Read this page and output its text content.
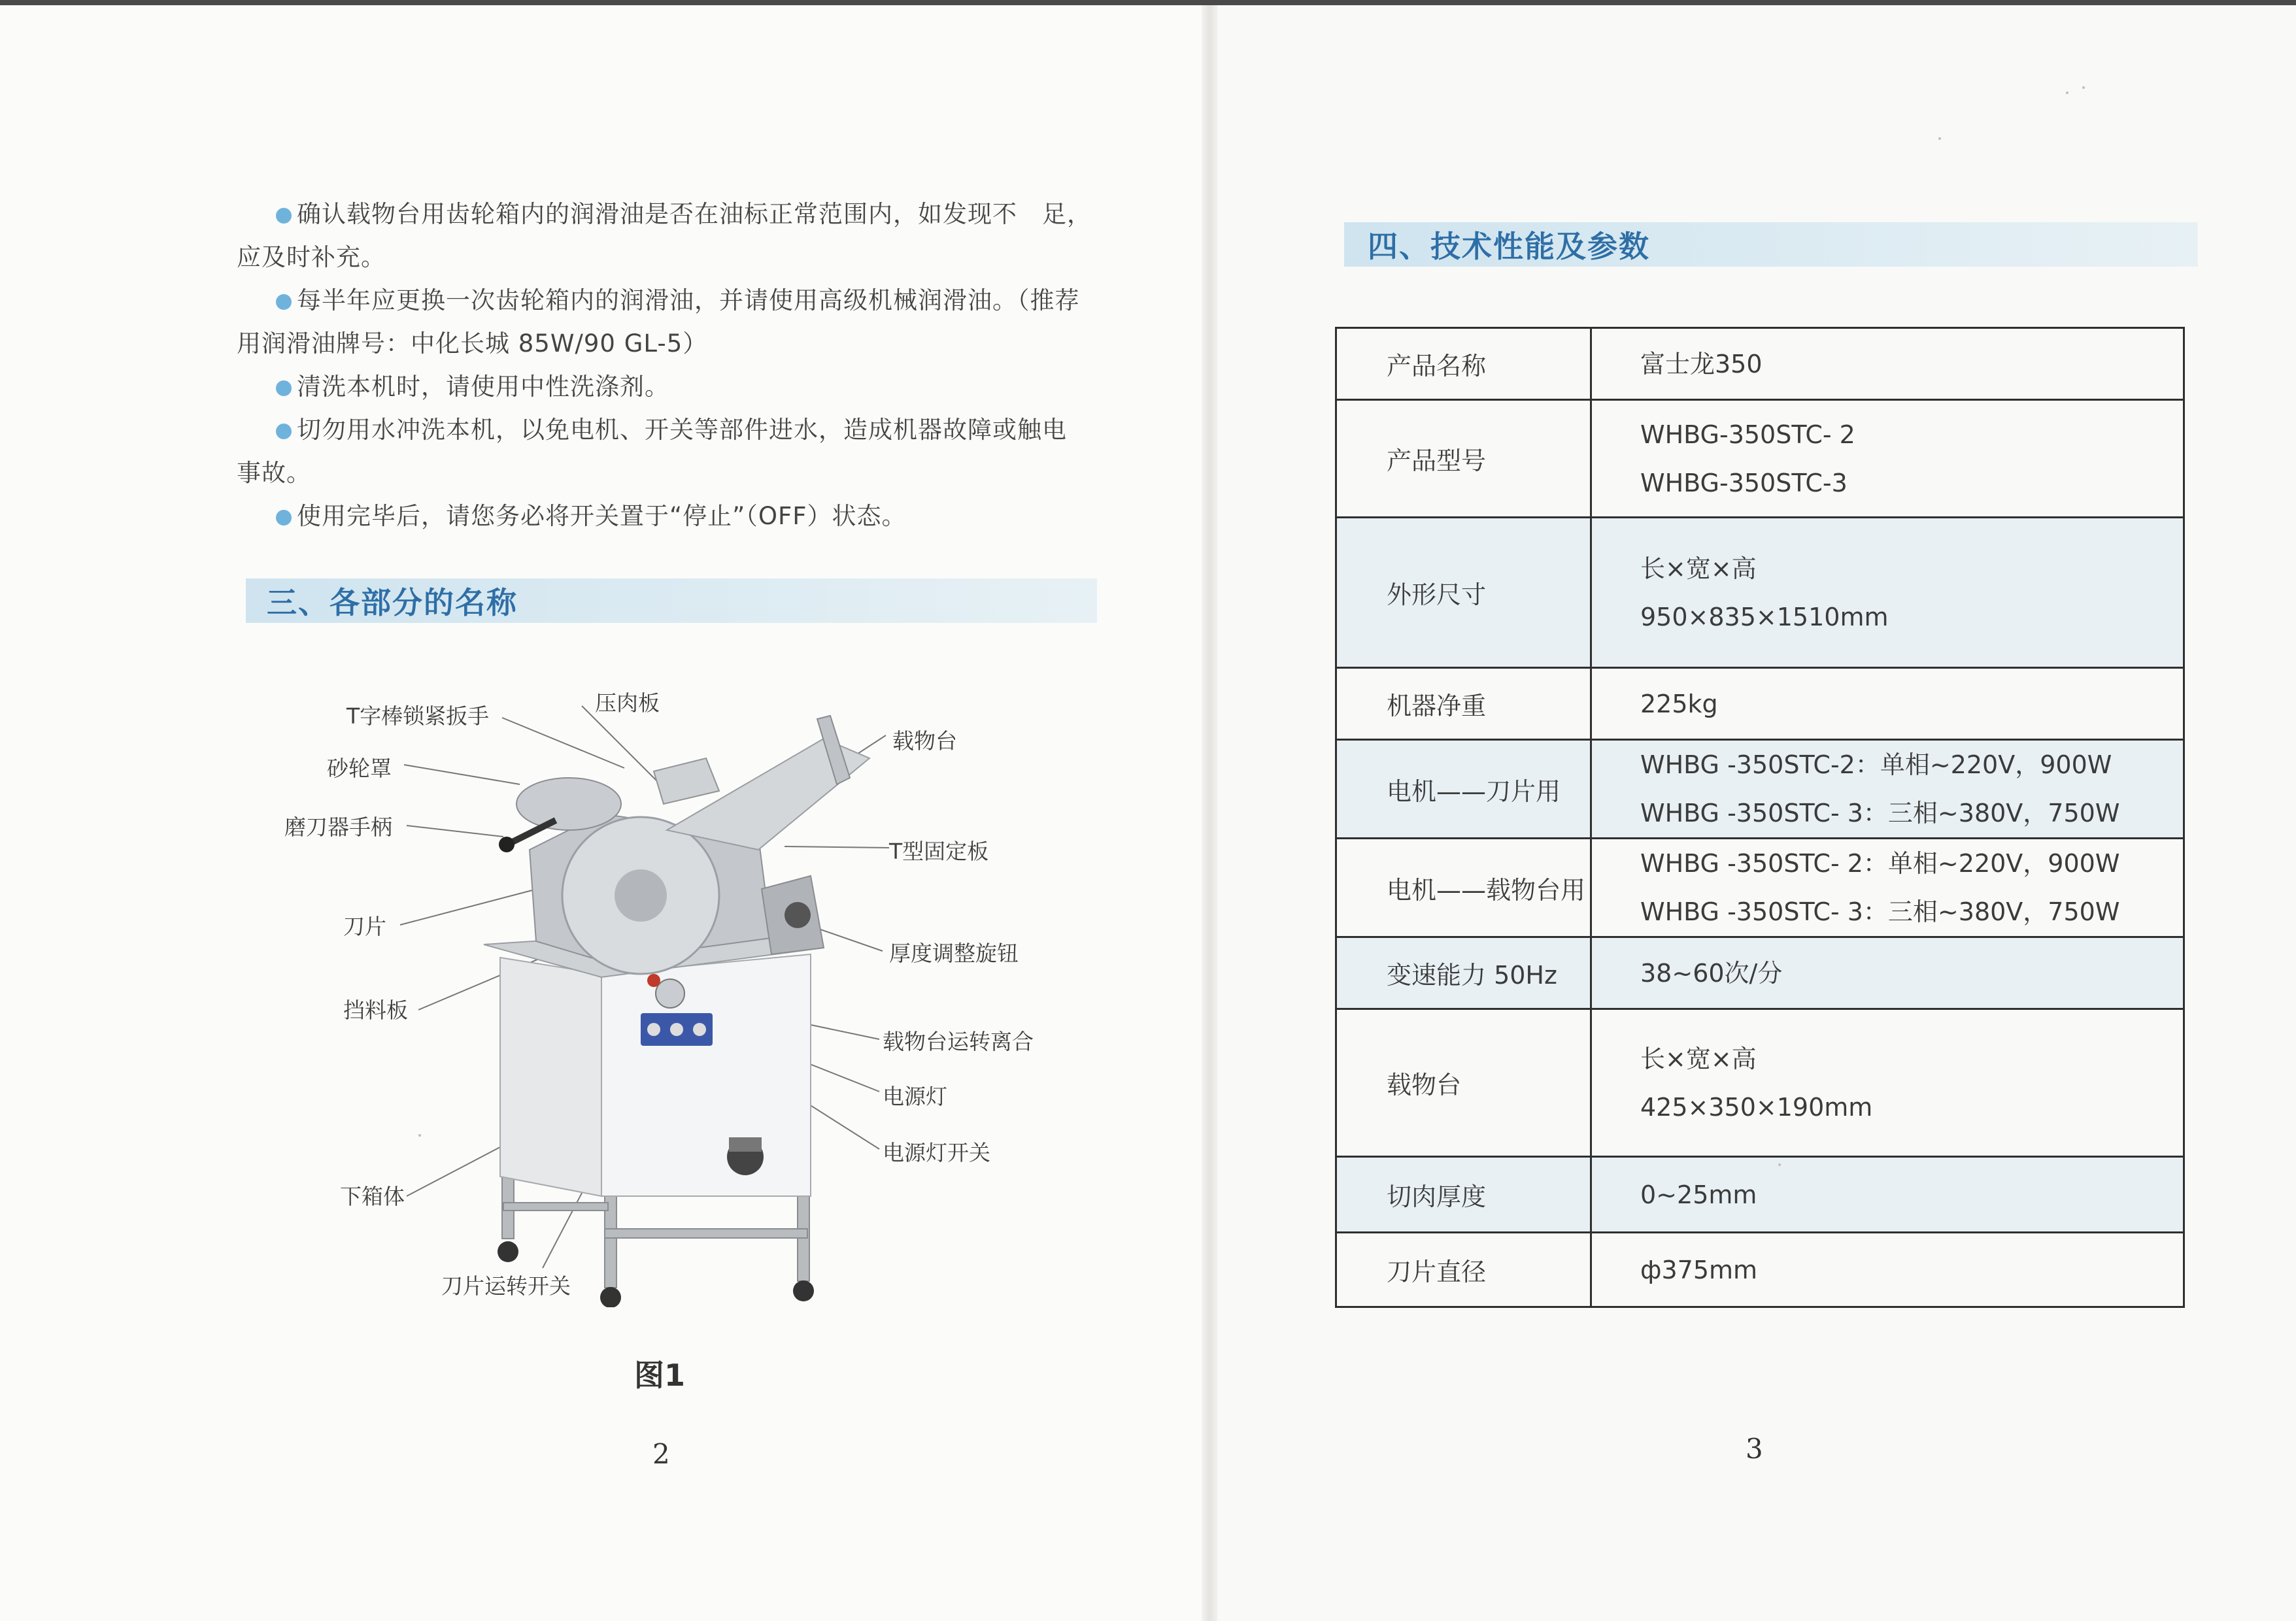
确认载物台用齿轮箱内的润滑油是否在油标正常范围内，如发现不　足，

应及时补充。

每半年应更换一次齿轮箱内的润滑油，并请使用高级机械润滑油。（推荐

用润滑油牌号：中化长城 85W/90 GL-5）

清洗本机时，请使用中性洗涤剂。

切勿用水冲洗本机，以免电机、开关等部件进水，造成机器故障或触电

事故。

使用完毕后，请您务必将开关置于“停止”（OFF）状态。

三、各部分的名称
T字棒锁紧扳手
压肉板
载物台
砂轮罩
磨刀器手柄
T型固定板
刀片
厚度调整旋钮
挡料板
载物台运转离合
电源灯
电源灯开关
下箱体
刀片运转开关
图1
2
四、技术性能及参数
产品名称	富士龙350

产品型号	WHBG-350STC- 2
WHBG-350STC-3

外形尺寸	长×宽×高
950×835×1510mm

机器净重	225kg

电机——刀片用	WHBG -350STC-2：单相~220V，900W
WHBG -350STC- 3：三相~380V，750W

电机——载物台用	WHBG -350STC- 2：单相~220V，900W
WHBG -350STC- 3：三相~380V，750W

变速能力 50Hz	38~60次/分

载物台	长×宽×高
425×350×190mm

切肉厚度	0~25mm

刀片直径	ф375mm
3
